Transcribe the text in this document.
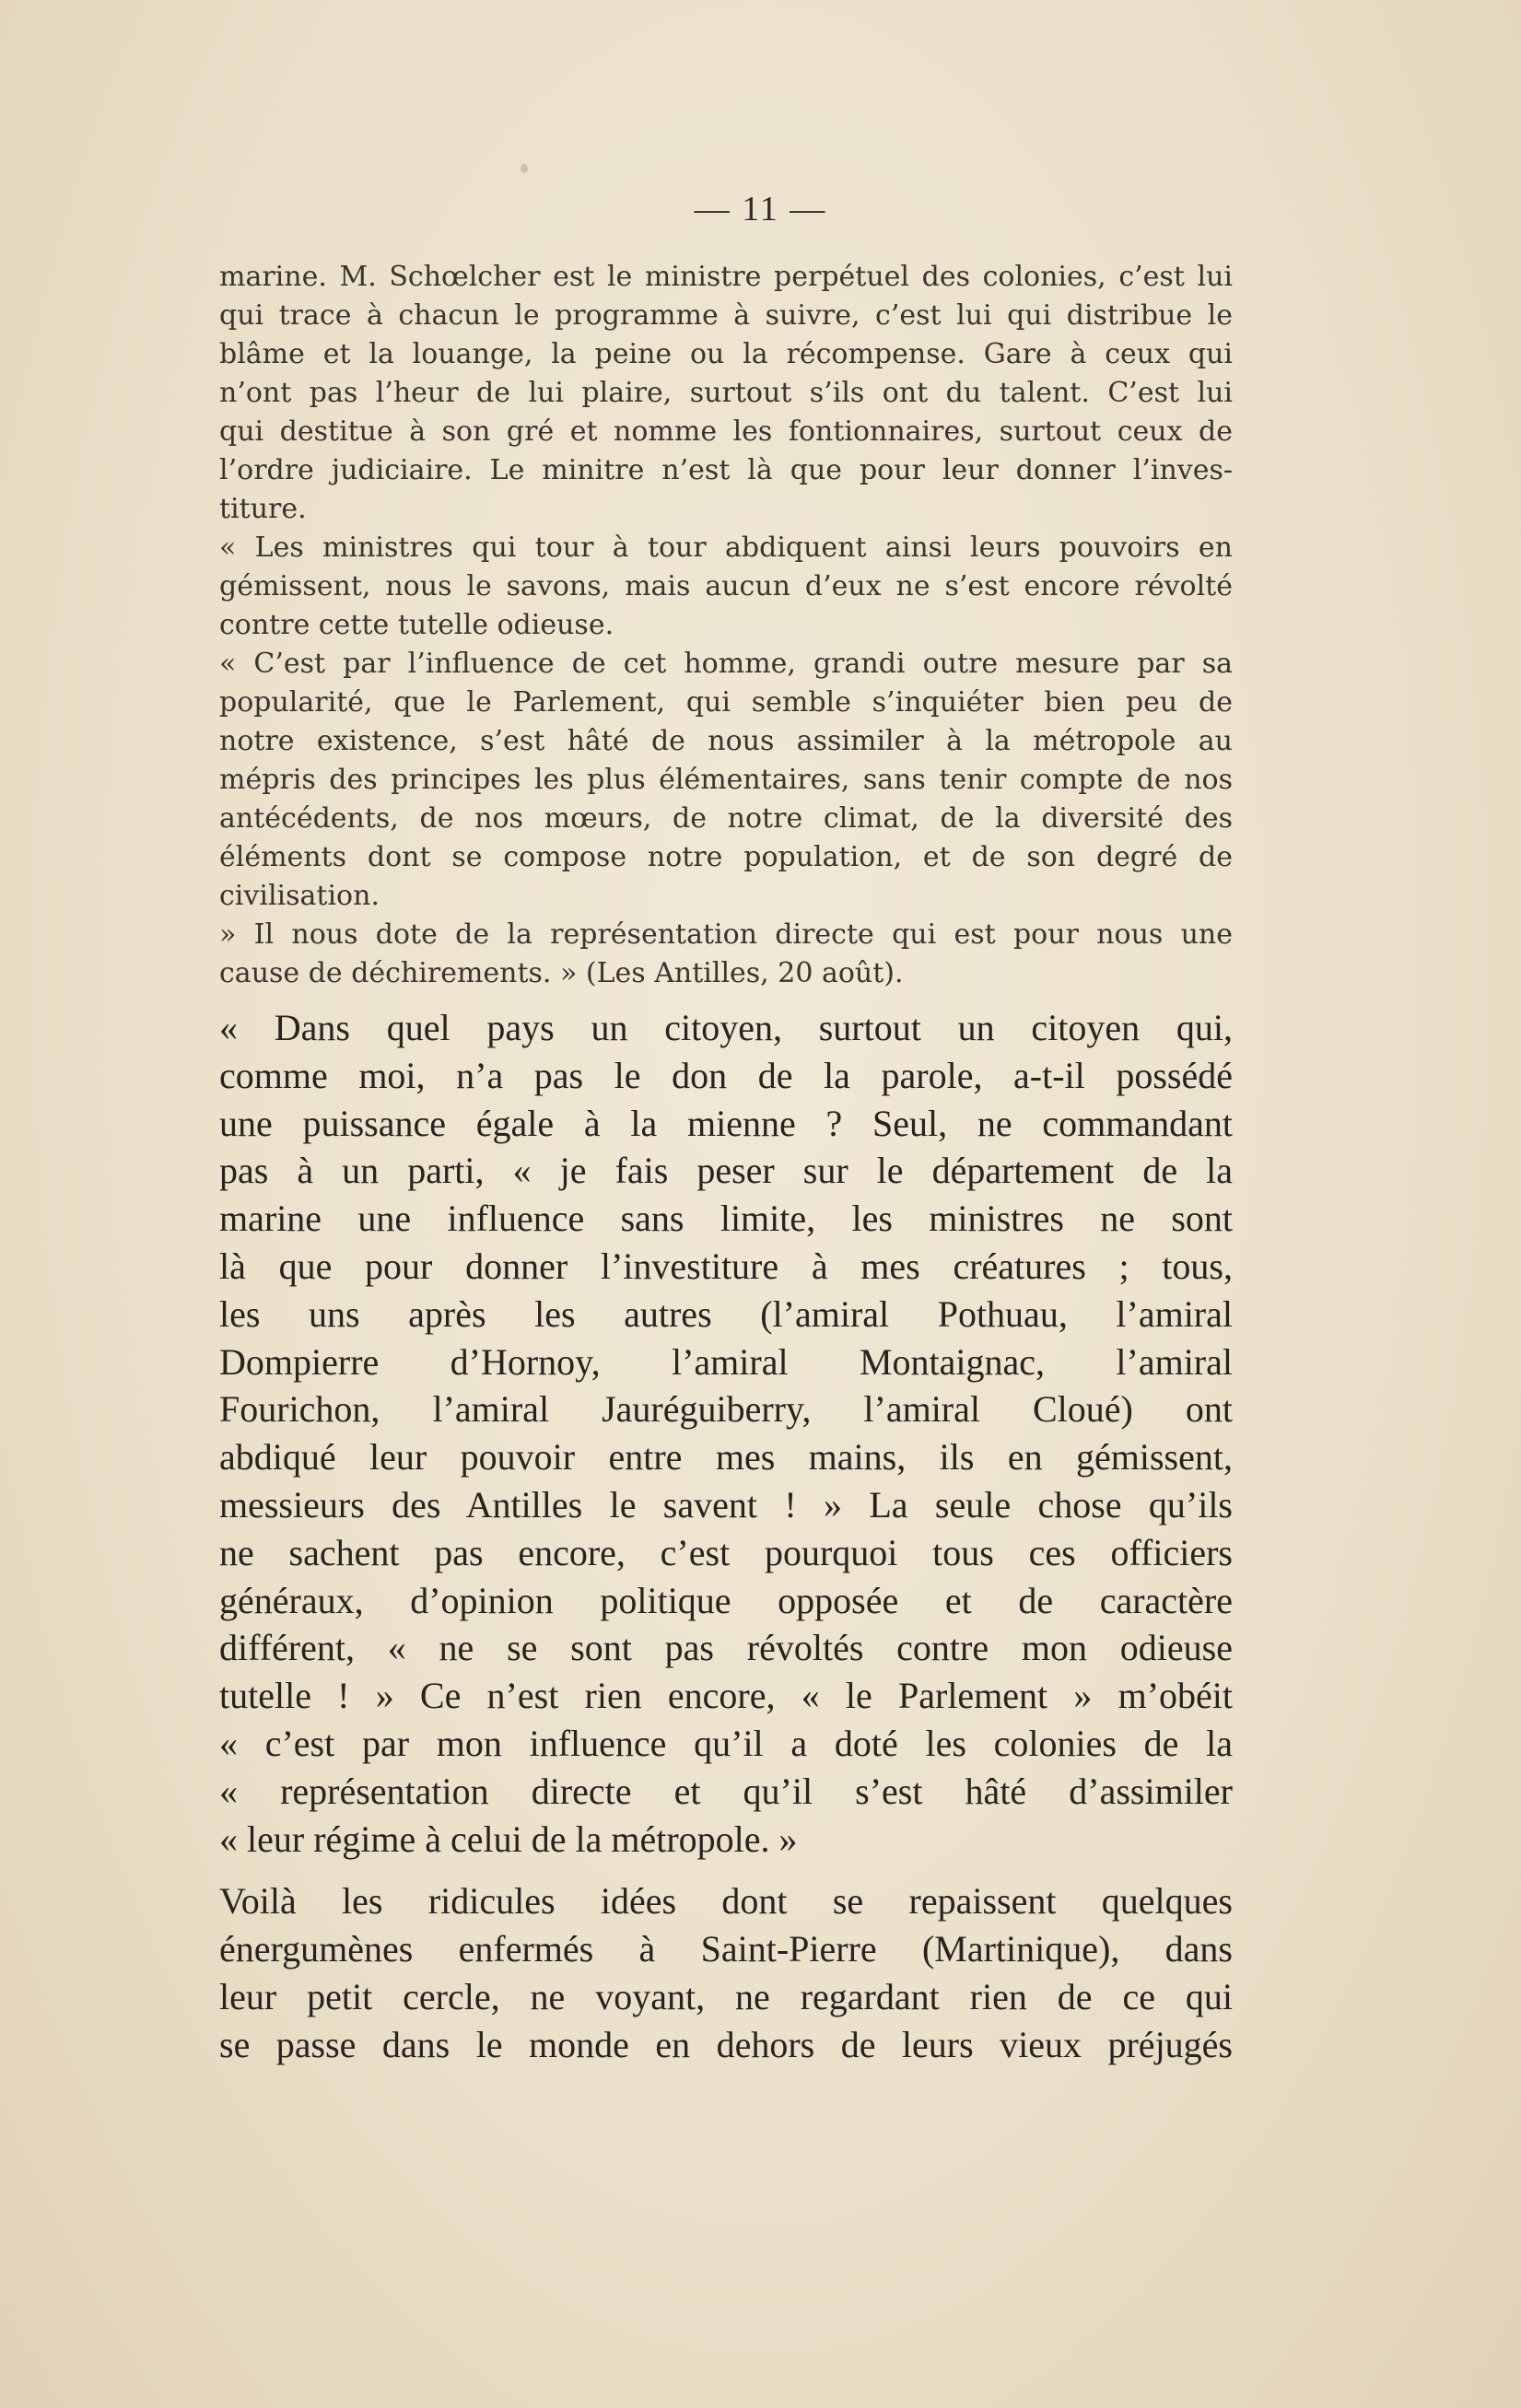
— 11 —
marine. M. Schœlcher est le ministre perpétuel des colonies, c’est lui
qui trace à chacun le programme à suivre, c’est lui qui distribue le
blâme et la louange, la peine ou la récompense. Gare à ceux qui
n’ont pas l’heur de lui plaire, surtout s’ils ont du talent. C’est lui
qui destitue à son gré et nomme les fontionnaires, surtout ceux de
l’ordre judiciaire. Le minitre n’est là que pour leur donner l’inves-
titure.
« Les ministres qui tour à tour abdiquent ainsi leurs pouvoirs en
gémissent, nous le savons, mais aucun d’eux ne s’est encore révolté
contre cette tutelle odieuse.
« C’est par l’influence de cet homme, grandi outre mesure par sa
popularité, que le Parlement, qui semble s’inquiéter bien peu de
notre existence, s’est hâté de nous assimiler à la métropole au
mépris des principes les plus élémentaires, sans tenir compte de nos
antécédents, de nos mœurs, de notre climat, de la diversité des
éléments dont se compose notre population, et de son degré de
civilisation.
» Il nous dote de la représentation directe qui est pour nous une
cause de déchirements. » (Les Antilles, 20 août).
« Dans quel pays un citoyen, surtout un citoyen qui,
comme moi, n’a pas le don de la parole, a-t-il possédé
une puissance égale à la mienne ? Seul, ne commandant
pas à un parti, « je fais peser sur le département de la
marine une influence sans limite, les ministres ne sont
là que pour donner l’investiture à mes créatures ; tous,
les uns après les autres (l’amiral Pothuau, l’amiral
Dompierre d’Hornoy, l’amiral Montaignac, l’amiral
Fourichon, l’amiral Jauréguiberry, l’amiral Cloué) ont
abdiqué leur pouvoir entre mes mains, ils en gémissent,
messieurs des Antilles le savent ! » La seule chose qu’ils
ne sachent pas encore, c’est pourquoi tous ces officiers
généraux, d’opinion politique opposée et de caractère
différent, « ne se sont pas révoltés contre mon odieuse
tutelle ! » Ce n’est rien encore, « le Parlement » m’obéit
« c’est par mon influence qu’il a doté les colonies de la
« représentation directe et qu’il s’est hâté d’assimiler
« leur régime à celui de la métropole. »
Voilà les ridicules idées dont se repaissent quelques
énergumènes enfermés à Saint-Pierre (Martinique), dans
leur petit cercle, ne voyant, ne regardant rien de ce qui
se passe dans le monde en dehors de leurs vieux préjugés
